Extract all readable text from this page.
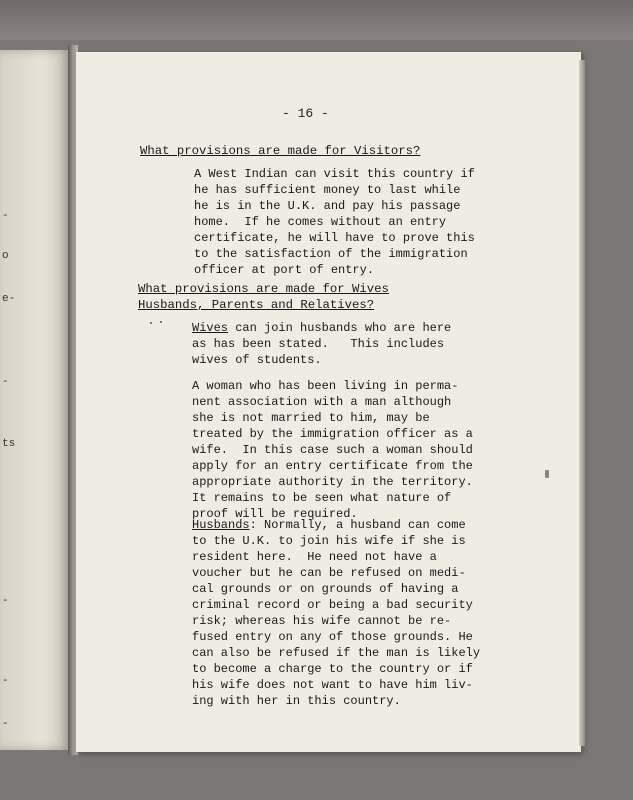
-
o
e-
-
ts
-
-
-
- 16 -
What provisions are made for Visitors?
A West Indian can visit this country if
he has sufficient money to last while
he is in the U.K. and pay his passage
home.  If he comes without an entry
certificate, he will have to prove this
to the satisfaction of the immigration
officer at port of entry.
What provisions are made for Wives
Husbands, Parents and Relatives?
Wives can join husbands who are here
as has been stated.   This includes
wives of students.
A woman who has been living in perma-
nent association with a man although
she is not married to him, may be
treated by the immigration officer as a
wife.  In this case such a woman should
apply for an entry certificate from the
appropriate authority in the territory.
It remains to be seen what nature of
proof will be required.
Husbands: Normally, a husband can come
to the U.K. to join his wife if she is
resident here.  He need not have a
voucher but he can be refused on medi-
cal grounds or on grounds of having a
criminal record or being a bad security
risk; whereas his wife cannot be re-
fused entry on any of those grounds. He
can also be refused if the man is likely
to become a charge to the country or if
his wife does not want to have him liv-
ing with her in this country.
